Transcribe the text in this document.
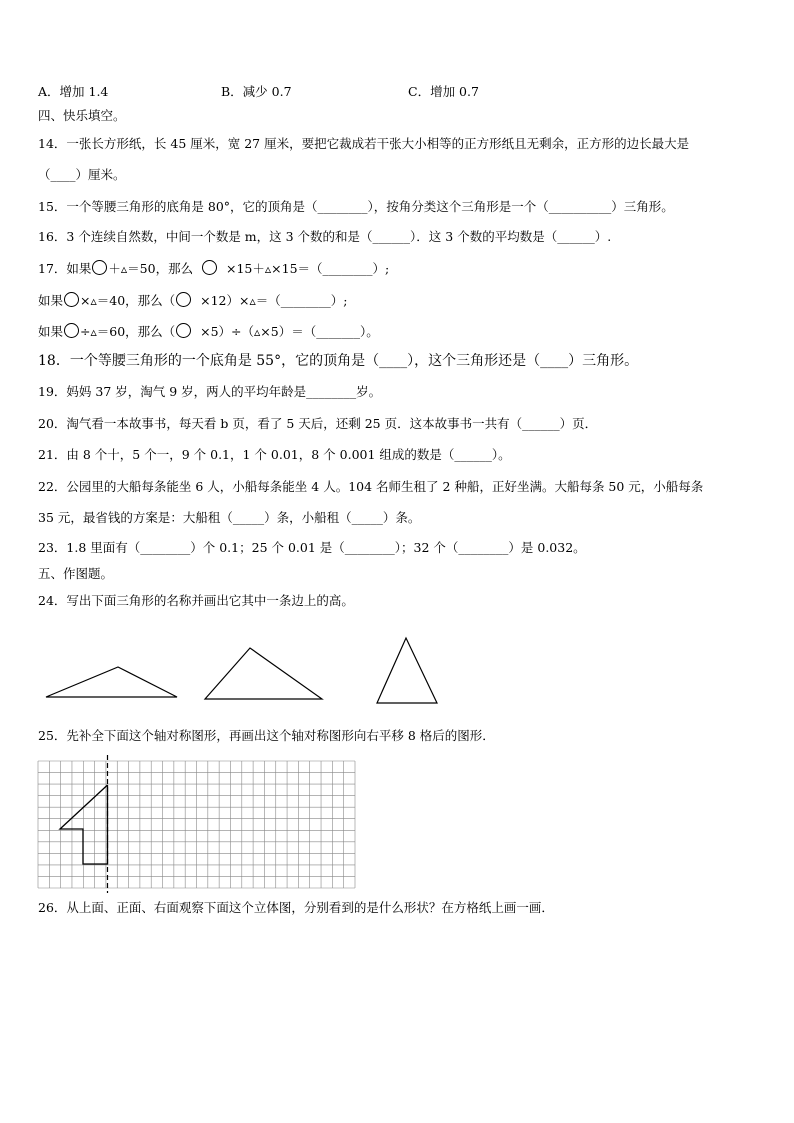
A．增加 1.4	B．减少 0.7	C．增加 0.7
四、快乐填空。
14．一张长方形纸，长 45 厘米，宽 27 厘米，要把它裁成若干张大小相等的正方形纸且无剩余，正方形的边长最大是
（____）厘米。
15．一个等腰三角形的底角是 80°，它的顶角是（________），按角分类这个三角形是一个（__________）三角形。
16．3 个连续自然数，中间一个数是 m，这 3 个数的和是（______）．这 3 个数的平均数是（______）.
17．如果 ＋▵＝50，那么	×15＋▵×15＝（________）;
如果 ×▵＝40，那么（ ×12）×▵＝（________）;
如果 ÷▵＝60，那么（ ×5）÷（▵×5）＝（_______）。
18．一个等腰三角形的一个底角是 55°，它的顶角是（____），这个三角形还是（____）三角形。
19．妈妈 37 岁，淘气 9 岁，两人的平均年龄是________岁。
20．淘气看一本故事书，每天看 b 页，看了 5 天后，还剩 25 页．这本故事书一共有（______）页．
21．由 8 个十，5 个一，9 个 0.1，1 个 0.01，8 个 0.001 组成的数是（______）。
22．公园里的大船每条能坐 6 人，小船每条能坐 4 人。104 名师生租了 2 种船，正好坐满。大船每条 50 元，小船每条
35 元，最省钱的方案是：大船租（_____）条，小船租（_____）条。
23．1.8 里面有（________）个 0.1；25 个 0.01 是（________）；32 个（________）是 0.032。
五、作图题。
24．写出下面三角形的名称并画出它其中一条边上的高。
25．先补全下面这个轴对称图形，再画出这个轴对称图形向右平移 8 格后的图形．
26．从上面、正面、右面观察下面这个立体图，分别看到的是什么形状？在方格纸上画一画．
